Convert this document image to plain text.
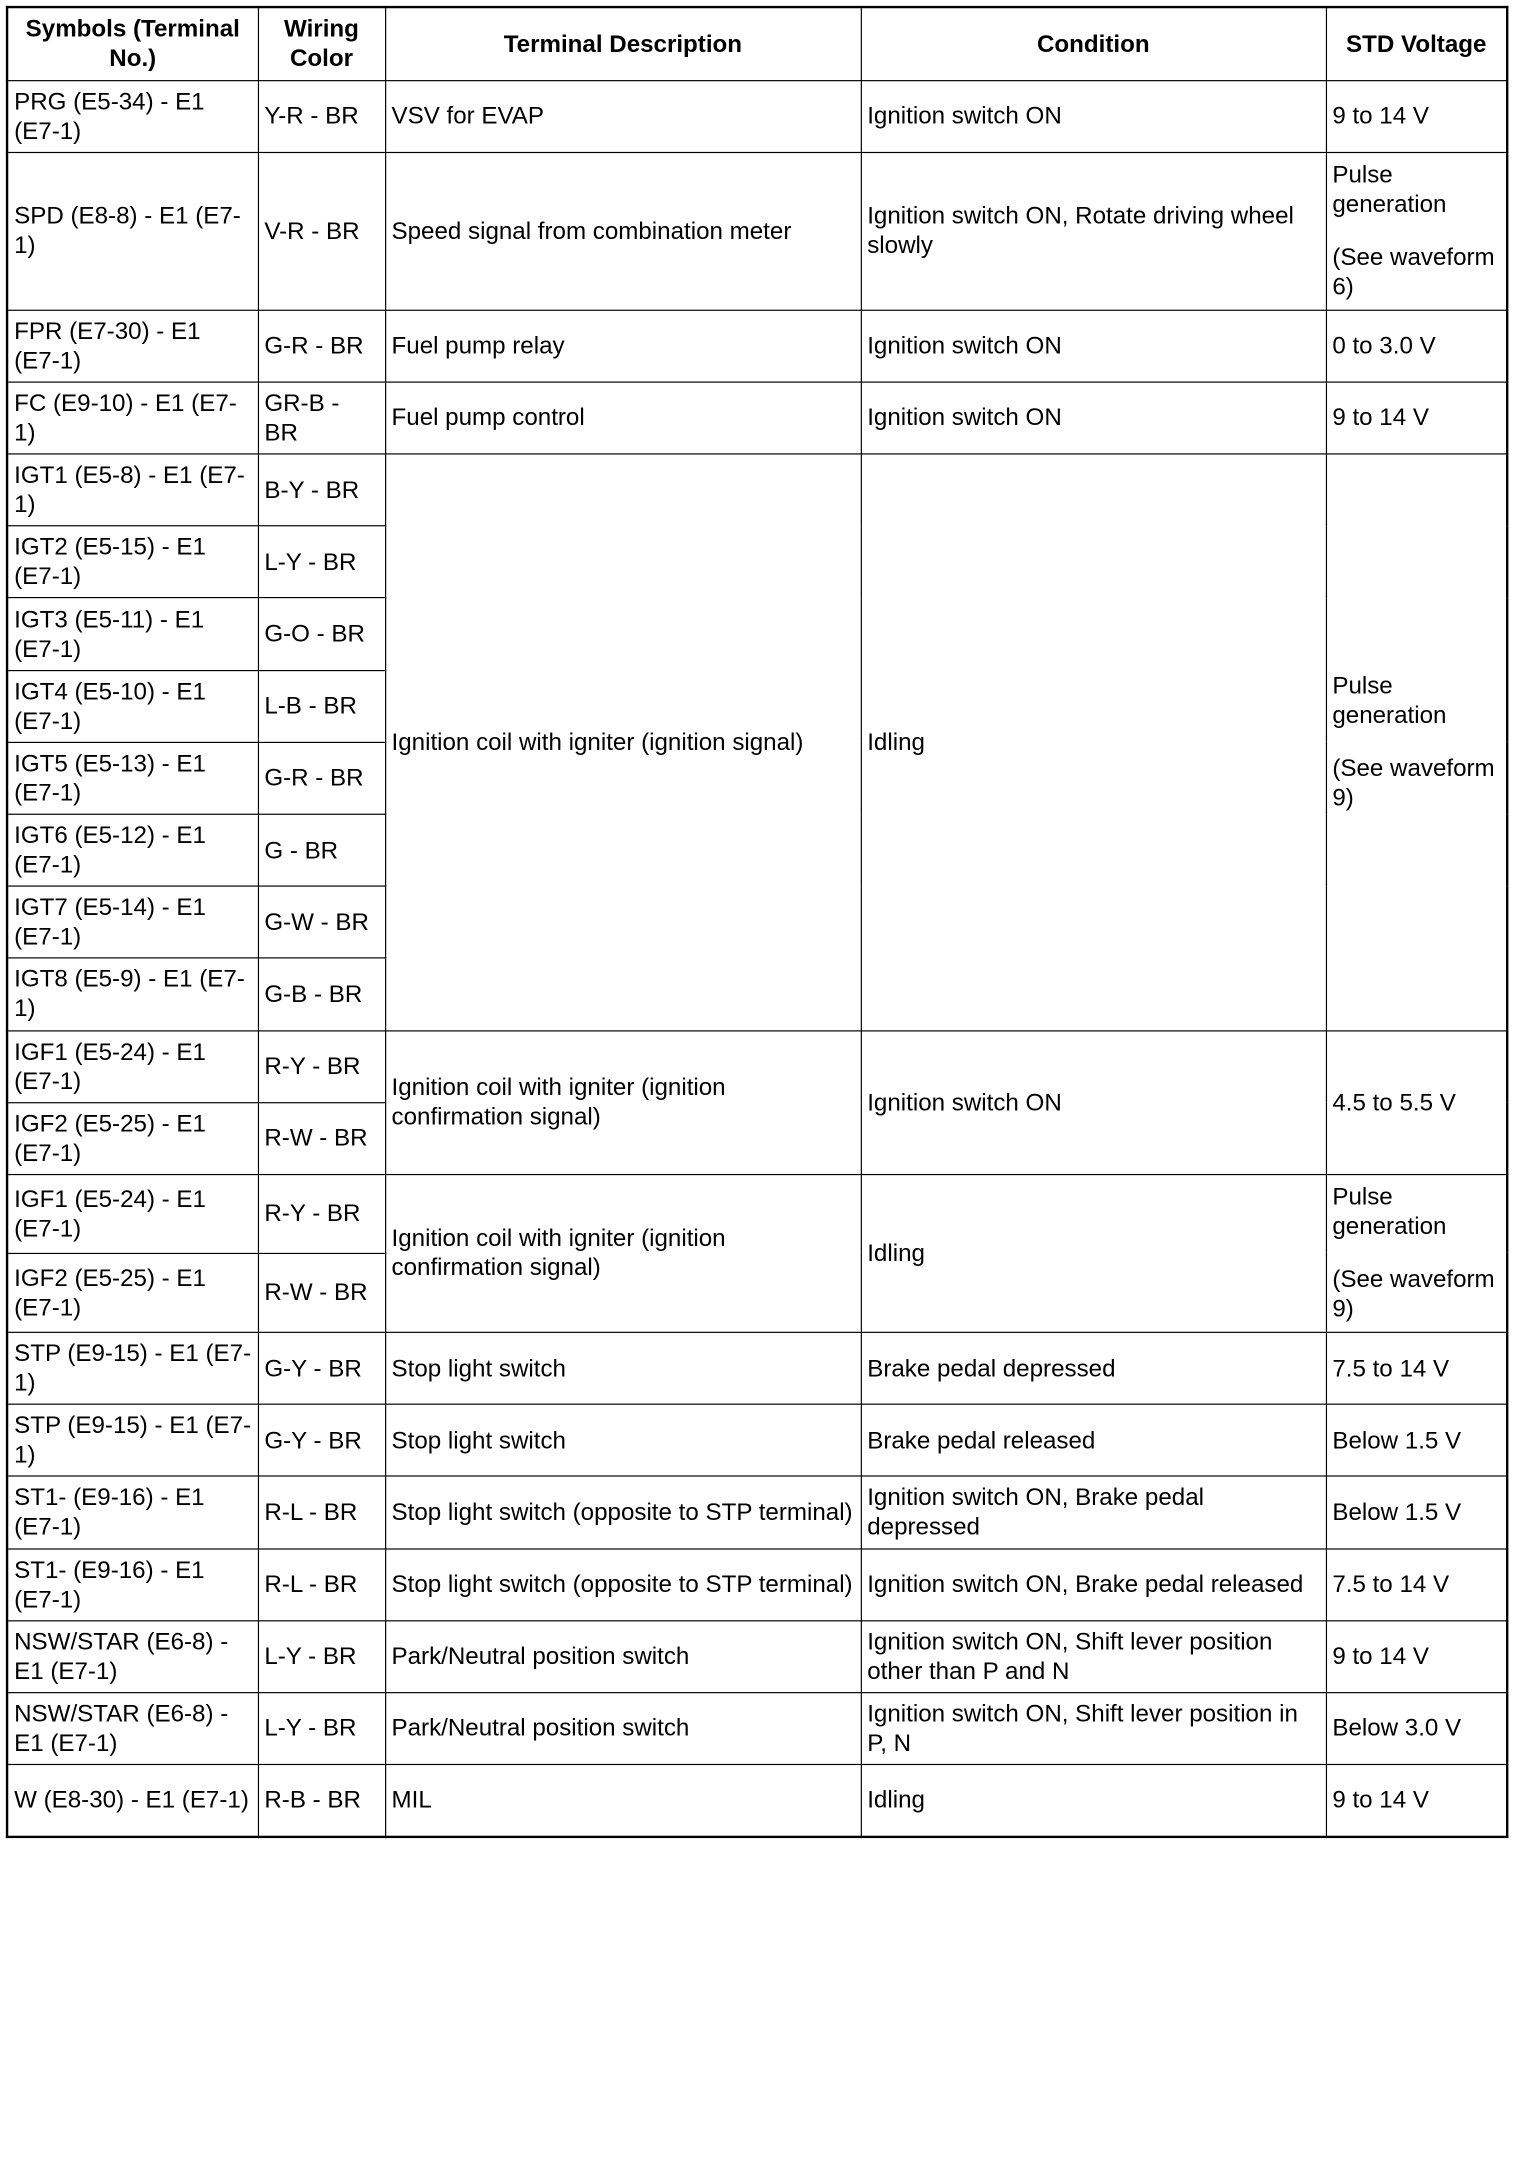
Symbols (Terminal No.)	Wiring Color	Terminal Description	Condition	STD Voltage
PRG (E5-34) - E1 (E7-1)	Y-R - BR	VSV for EVAP	Ignition switch ON	9 to 14 V
SPD (E8-8) - E1 (E7-1)	V-R - BR	Speed signal from combination meter	Ignition switch ON, Rotate driving wheel slowly	Pulse generation

(See waveform 6)

FPR (E7-30) - E1 (E7-1)	G-R - BR	Fuel pump relay	Ignition switch ON	0 to 3.0 V
FC (E9-10) - E1 (E7-1)	GR-B - BR	Fuel pump control	Ignition switch ON	9 to 14 V
IGT1 (E5-8) - E1 (E7-1)	B-Y - BR	Ignition coil with igniter (ignition signal)	Idling	Pulse generation

(See waveform 9)

IGT2 (E5-15) - E1 (E7-1)	L-Y - BR			
IGT3 (E5-11) - E1 (E7-1)	G-O - BR			
IGT4 (E5-10) - E1 (E7-1)	L-B - BR			
IGT5 (E5-13) - E1 (E7-1)	G-R - BR			
IGT6 (E5-12) - E1 (E7-1)	G - BR			
IGT7 (E5-14) - E1 (E7-1)	G-W - BR			
IGT8 (E5-9) - E1 (E7-1)	G-B - BR			
IGF1 (E5-24) - E1 (E7-1)	R-Y - BR	Ignition coil with igniter (ignition confirmation signal)	Ignition switch ON	4.5 to 5.5 V
IGF2 (E5-25) - E1 (E7-1)	R-W - BR			
IGF1 (E5-24) - E1 (E7-1)	R-Y - BR	Ignition coil with igniter (ignition confirmation signal)	Idling	Pulse generation

(See waveform 9)

IGF2 (E5-25) - E1 (E7-1)	R-W - BR			
STP (E9-15) - E1 (E7-1)	G-Y - BR	Stop light switch	Brake pedal depressed	7.5 to 14 V
STP (E9-15) - E1 (E7-1)	G-Y - BR	Stop light switch	Brake pedal released	Below 1.5 V
ST1- (E9-16) - E1 (E7-1)	R-L - BR	Stop light switch (opposite to STP terminal)	Ignition switch ON, Brake pedal depressed	Below 1.5 V
ST1- (E9-16) - E1 (E7-1)	R-L - BR	Stop light switch (opposite to STP terminal)	Ignition switch ON, Brake pedal released	7.5 to 14 V
NSW/STAR (E6-8) - E1 (E7-1)	L-Y - BR	Park/Neutral position switch	Ignition switch ON, Shift lever position other than P and N	9 to 14 V
NSW/STAR (E6-8) - E1 (E7-1)	L-Y - BR	Park/Neutral position switch	Ignition switch ON, Shift lever position in P, N	Below 3.0 V
W (E8-30) - E1 (E7-1)	R-B - BR	MIL	Idling	9 to 14 V
